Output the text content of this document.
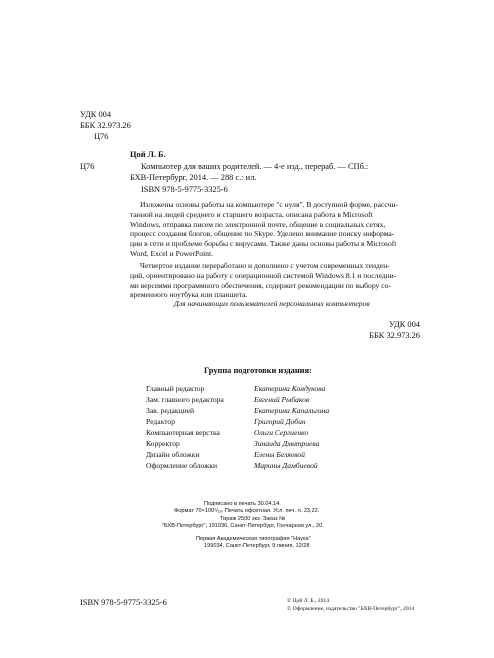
УДК 004
ББК 32.973.26
Ц76
Цой Л. Б.
Ц76	Компьютер для ваших родителей. — 4-е изд., перераб. — СПб.:
БХВ-Петербург, 2014. — 288 с.: ил.
ISBN 978-5-9775-3325-6
Изложены основы работы на компьютере "с нуля". В доступной форме, рассчи-
танной на людей среднего и старшего возраста, описана работа в Microsoft
Windows, отправка писем по электронной почте, общение в социальных сетях,
процесс создания блогов, общение по Skype. Уделено внимание поиску информа-
ции в сети и проблеме борьбы с вирусами. Также даны основы работы в Microsoft
Word, Excel и PowerPoint.
Четвертое издание переработано и дополнено с учетом современных тенден-
ций, ориентировано на работу с операционной системой Windows 8.1 и последни-
ми версиями программного обеспечения, содержит рекомендации по выбору со-
временного ноутбука или планшета.
Для начинающих пользователей персональных компьютеров
УДК 004
ББК 32.973.26
Группа подготовки издания:
Главный редактор	Екатерина Кондукова
Зам. главного редактора	Евгений Рыбаков
Зав. редакцией	Екатерина Капальгина
Редактор	Григорий Добин
Компьютерная верстка	Ольги Сергиенко
Корректор	Зинаида Дмитриева
Дизайн обложки	Елены Беляевой
Оформление обложки	Марины Дамбиевой
Подписано в печать 30.04.14.
Формат 70×100¹/₁₆. Печать офсетная. Усл. печ. л. 23,22.
Тираж 2500 экз. Заказ №
"БХВ-Петербург", 191036, Санкт-Петербург, Гончарная ул., 20.
Первая Академическая типография "Наука"
199034, Санкт-Петербург, 9 линия, 12/28
ISBN 978-5-9775-3325-6	© Цой Л. Б., 2014
© Оформление, издательство "БХВ-Петербург", 2014
